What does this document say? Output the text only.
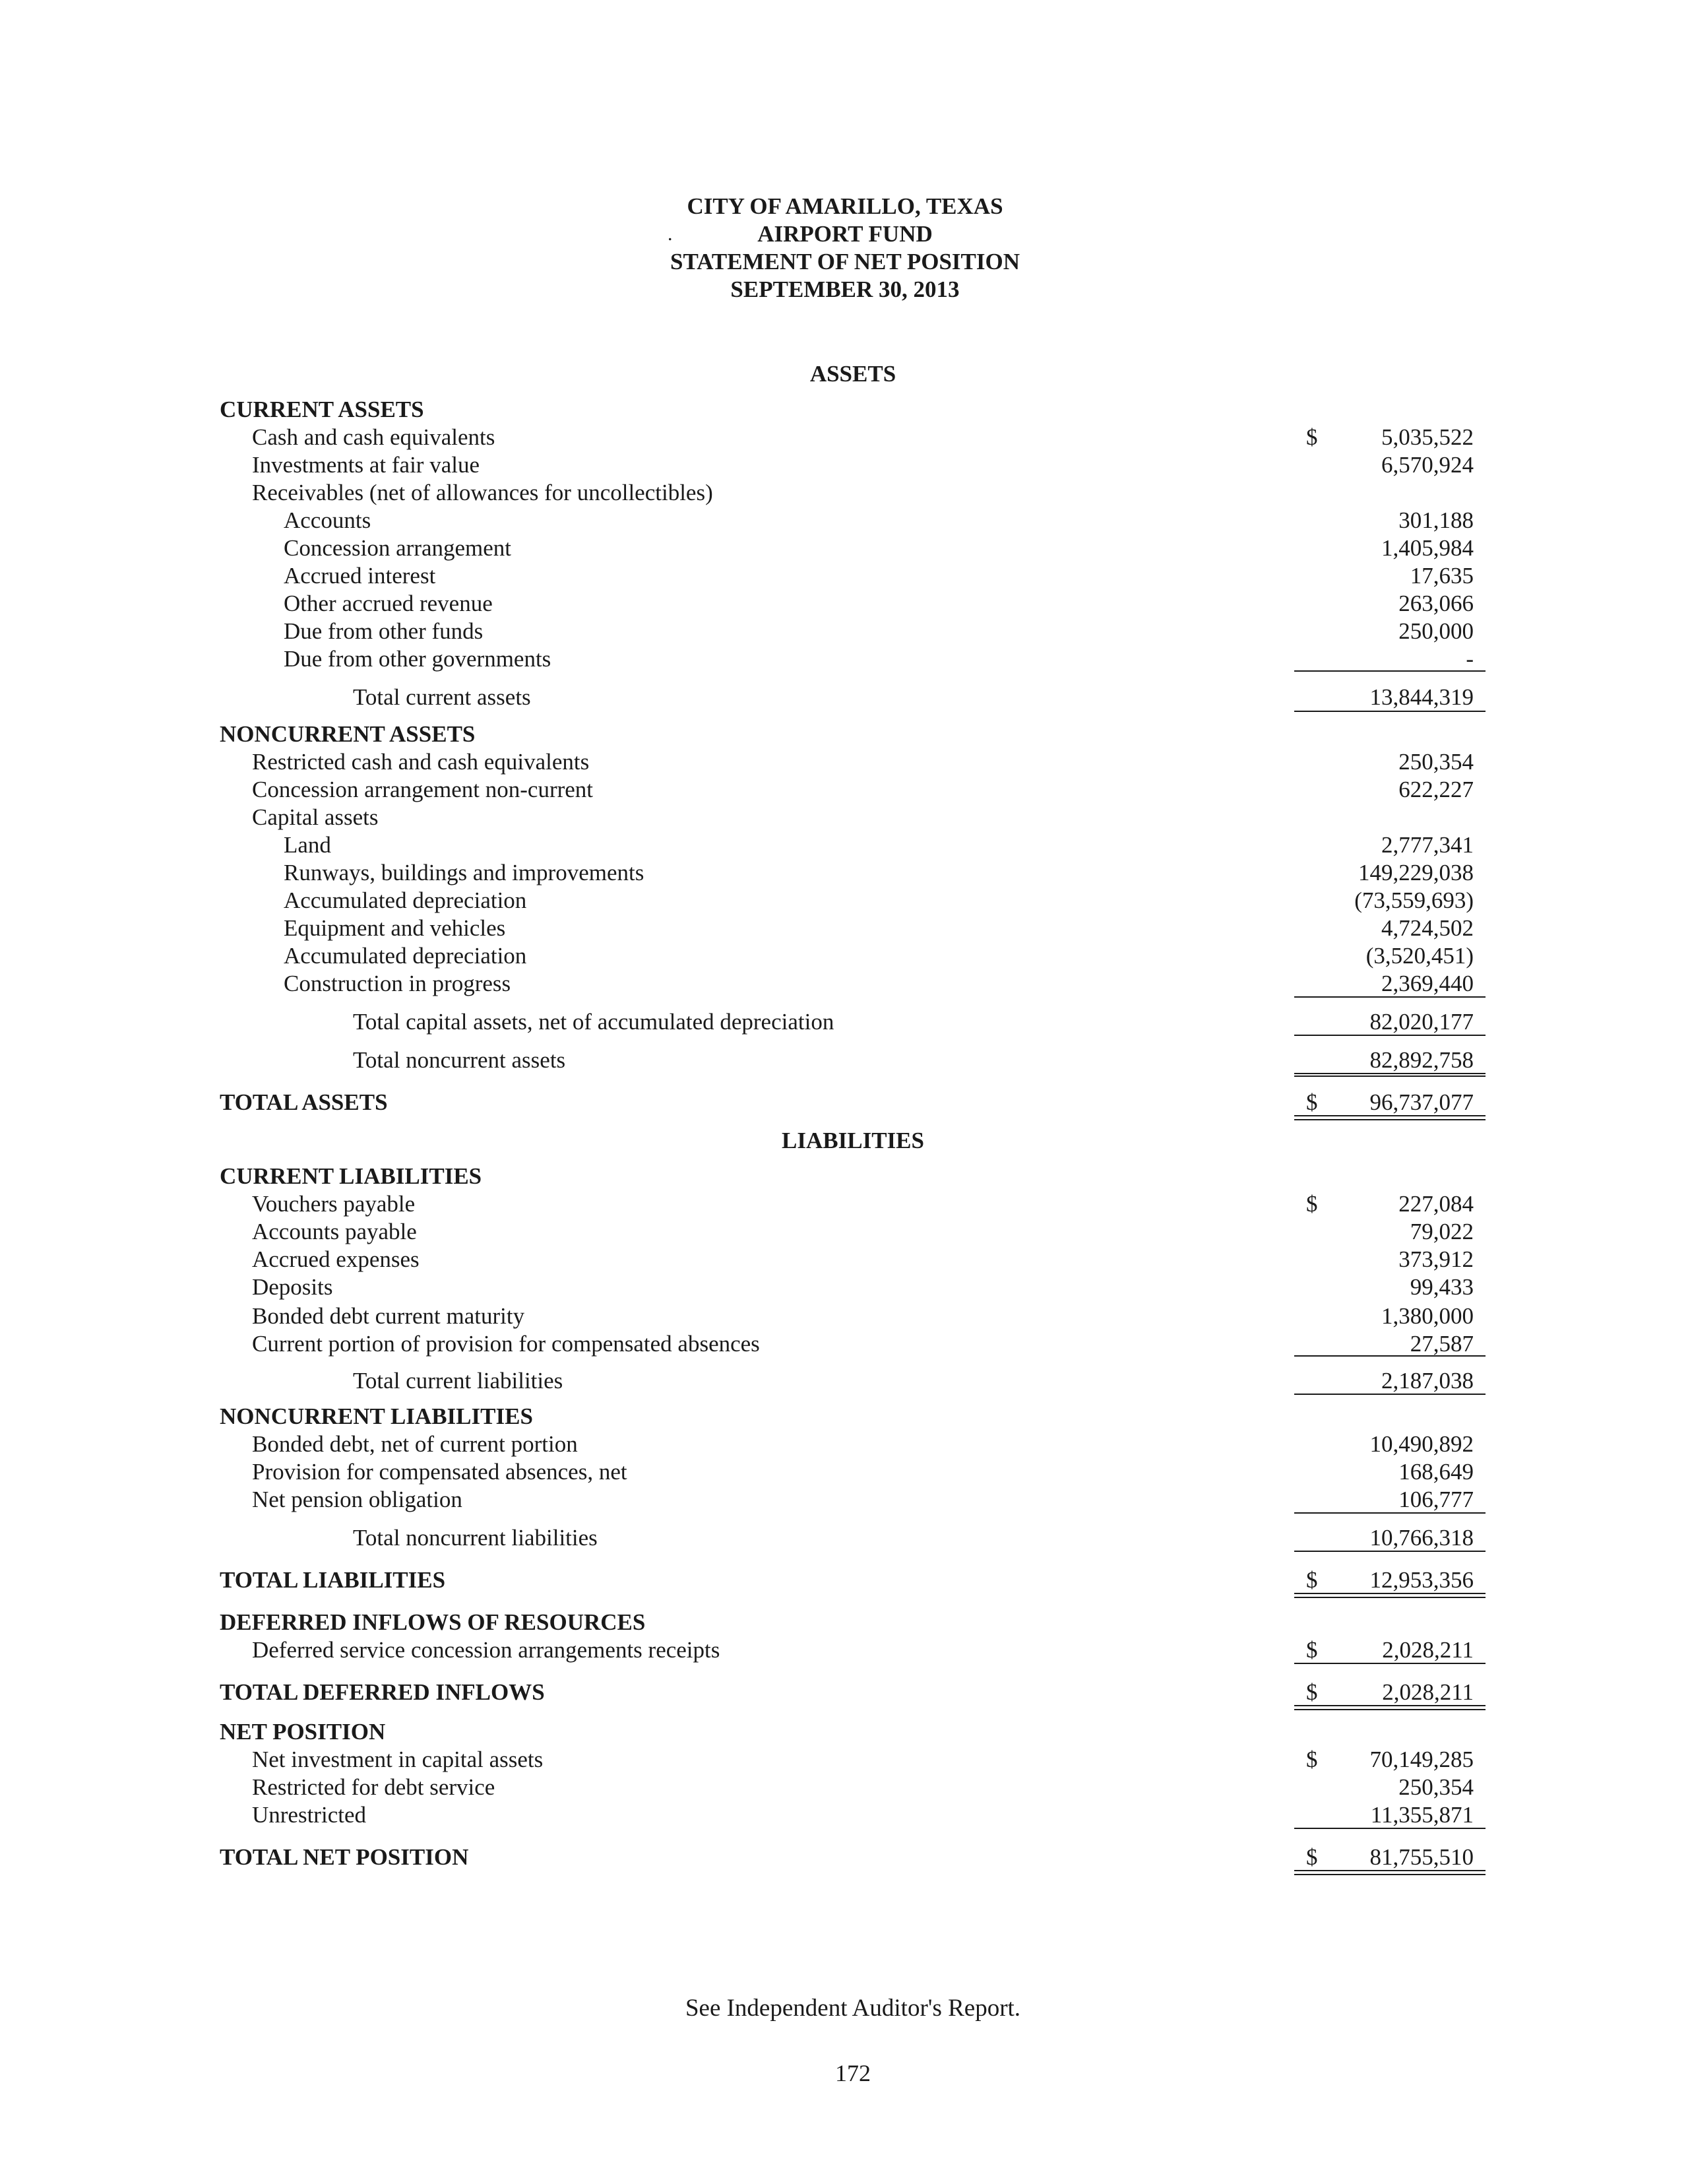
CITY OF AMARILLO, TEXAS
.	AIRPORT FUND
STATEMENT OF NET POSITION
SEPTEMBER 30, 2013
ASSETS
LIABILITIES
CURRENT ASSETS
Cash and cash equivalents	$	5,035,522
Investments at fair value	6,570,924
Receivables (net of allowances for uncollectibles)
Accounts	301,188
Concession arrangement	1,405,984
Accrued interest	17,635
Other accrued revenue	263,066
Due from other funds	250,000
Due from other governments	-
Total current assets	13,844,319
NONCURRENT ASSETS
Restricted cash and cash equivalents	250,354
Concession arrangement non-current	622,227
Capital assets
Land	2,777,341
Runways, buildings and improvements	149,229,038
Accumulated depreciation	(73,559,693)
Equipment and vehicles	4,724,502
Accumulated depreciation	(3,520,451)
Construction in progress	2,369,440
Total capital assets, net of accumulated depreciation	82,020,177
Total noncurrent assets	82,892,758
TOTAL ASSETS	$ 96,737,077
CURRENT LIABILITIES
Vouchers payable	$	227,084
Accounts payable	79,022
Accrued expenses	373,912
Deposits	99,433
Bonded debt current maturity	1,380,000
Current portion of provision for compensated absences	27,587
Total current liabilities	2,187,038
NONCURRENT LIABILITIES
Bonded debt, net of current portion	10,490,892
Provision for compensated absences, net	168,649
Net pension obligation	106,777
Total noncurrent liabilities	10,766,318
TOTAL LIABILITIES	$ 12,953,356
DEFERRED INFLOWS OF RESOURCES
Deferred service concession arrangements receipts	$	2,028,211
TOTAL DEFERRED INFLOWS	$	2,028,211
NET POSITION
Net investment in capital assets	$ 70,149,285
Restricted for debt service	250,354
Unrestricted	11,355,871
TOTAL NET POSITION	$ 81,755,510
See Independent Auditor's Report.
172
